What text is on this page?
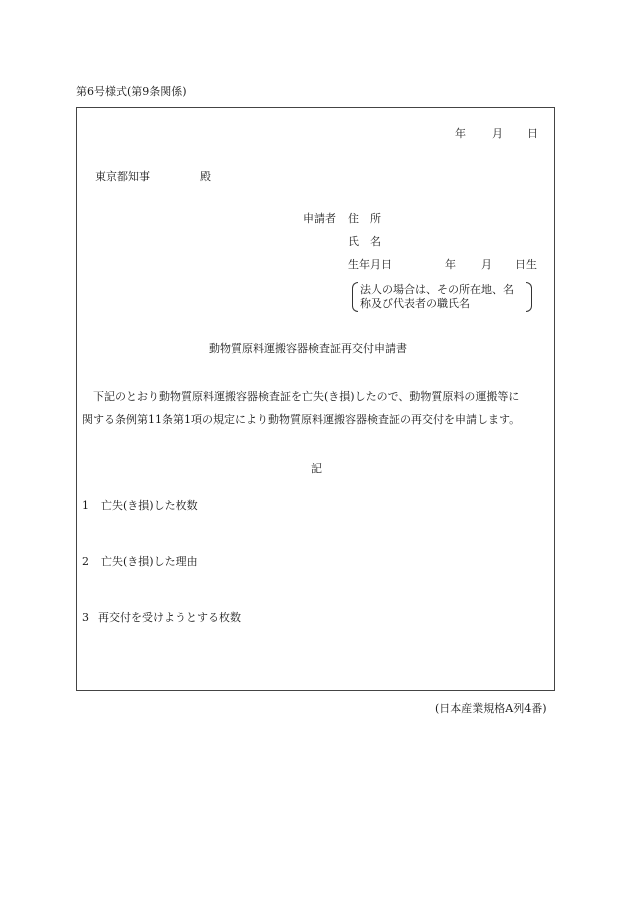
第6号様式(第9条関係)
年 月 日
東京都知事	殿
申請者 住　所
氏　名
生年月日	年 月 日生
法人の場合は、その所在地、名
称及び代表者の職氏名
動物質原料運搬容器検査証再交付申請書
下記のとおり動物質原料運搬容器検査証を亡失(き損)したので、動物質原料の運搬等に
関する条例第11条第1項の規定により動物質原料運搬容器検査証の再交付を申請します。
記
1 亡失(き損)した枚数
2 亡失(き損)した理由
3 再交付を受けようとする枚数
(日本産業規格A列4番)
